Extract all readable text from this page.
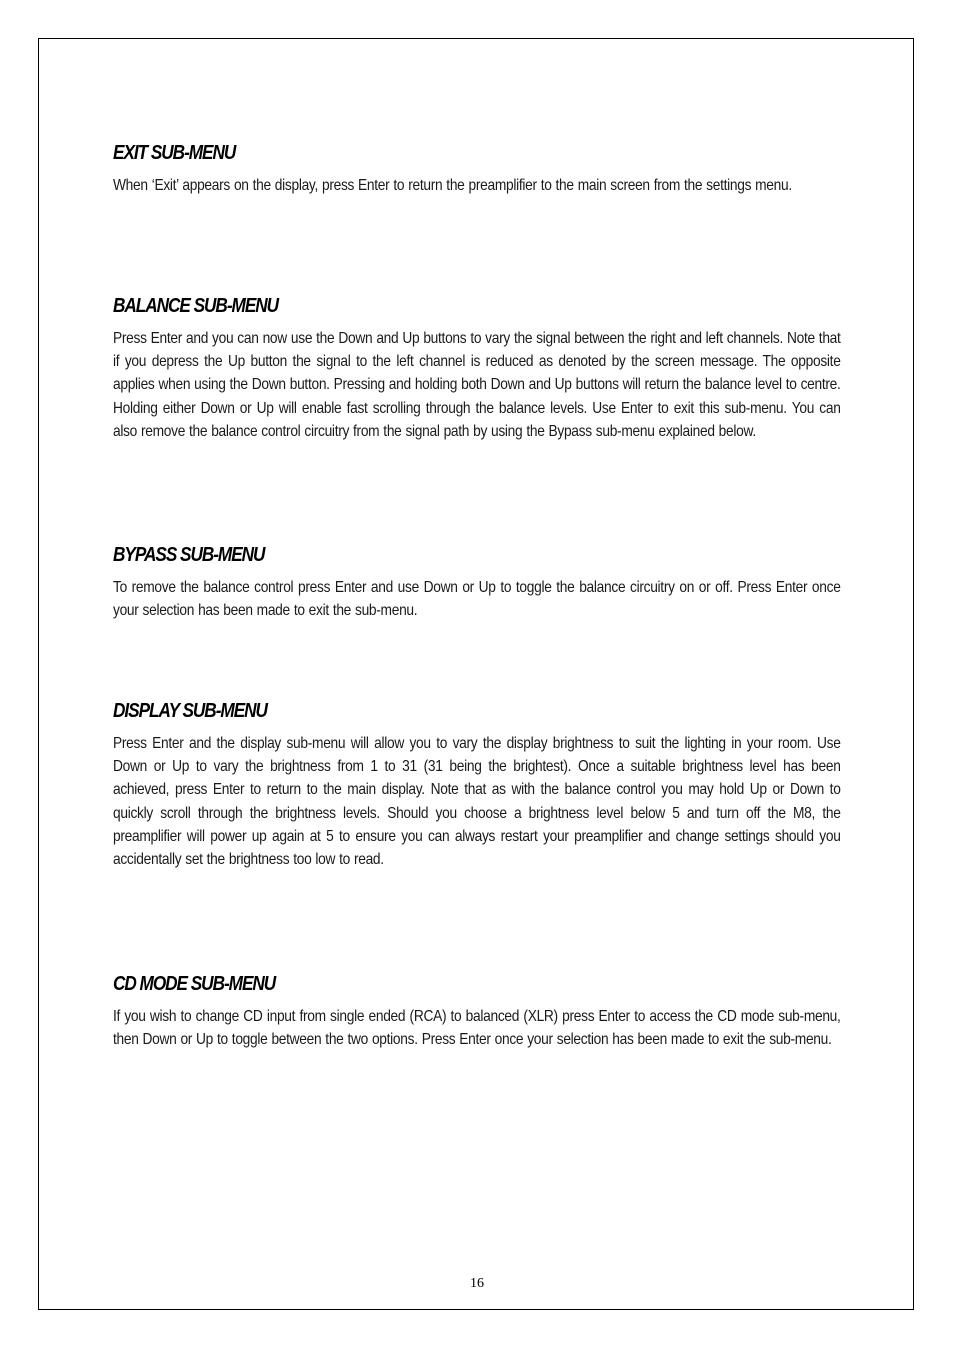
EXIT SUB-MENU

When ‘Exit’ appears on the display, press Enter to return the preamplifier to the main screen from the settings menu.

BALANCE SUB-MENU

Press Enter and you can now use the Down and Up buttons to vary the signal between the right and left channels. Note that if you depress the Up button the signal to the left channel is reduced as denoted by the screen message. The opposite applies when using the Down button. Pressing and holding both Down and Up buttons will return the balance level to centre. Holding either Down or Up will enable fast scrolling through the balance levels. Use Enter to exit this sub-menu. You can also remove the balance control circuitry from the signal path by using the Bypass sub-menu explained below.

BYPASS SUB-MENU

To remove the balance control press Enter and use Down or Up to toggle the balance circuitry on or off. Press Enter once your selection has been made to exit the sub-menu.

DISPLAY SUB-MENU

Press Enter and the display sub-menu will allow you to vary the display brightness to suit the lighting in your room. Use Down or Up to vary the brightness from 1 to 31 (31 being the brightest). Once a suitable brightness level has been achieved, press Enter to return to the main display. Note that as with the balance control you may hold Up or Down to quickly scroll through the brightness levels. Should you choose a brightness level below 5 and turn off the M8, the preamplifier will power up again at 5 to ensure you can always restart your preamplifier and change settings should you accidentally set the brightness too low to read.

CD MODE SUB-MENU

If you wish to change CD input from single ended (RCA) to balanced (XLR) press Enter to access the CD mode sub-menu, then Down or Up to toggle between the two options. Press Enter once your selection has been made to exit the sub-menu.

16
